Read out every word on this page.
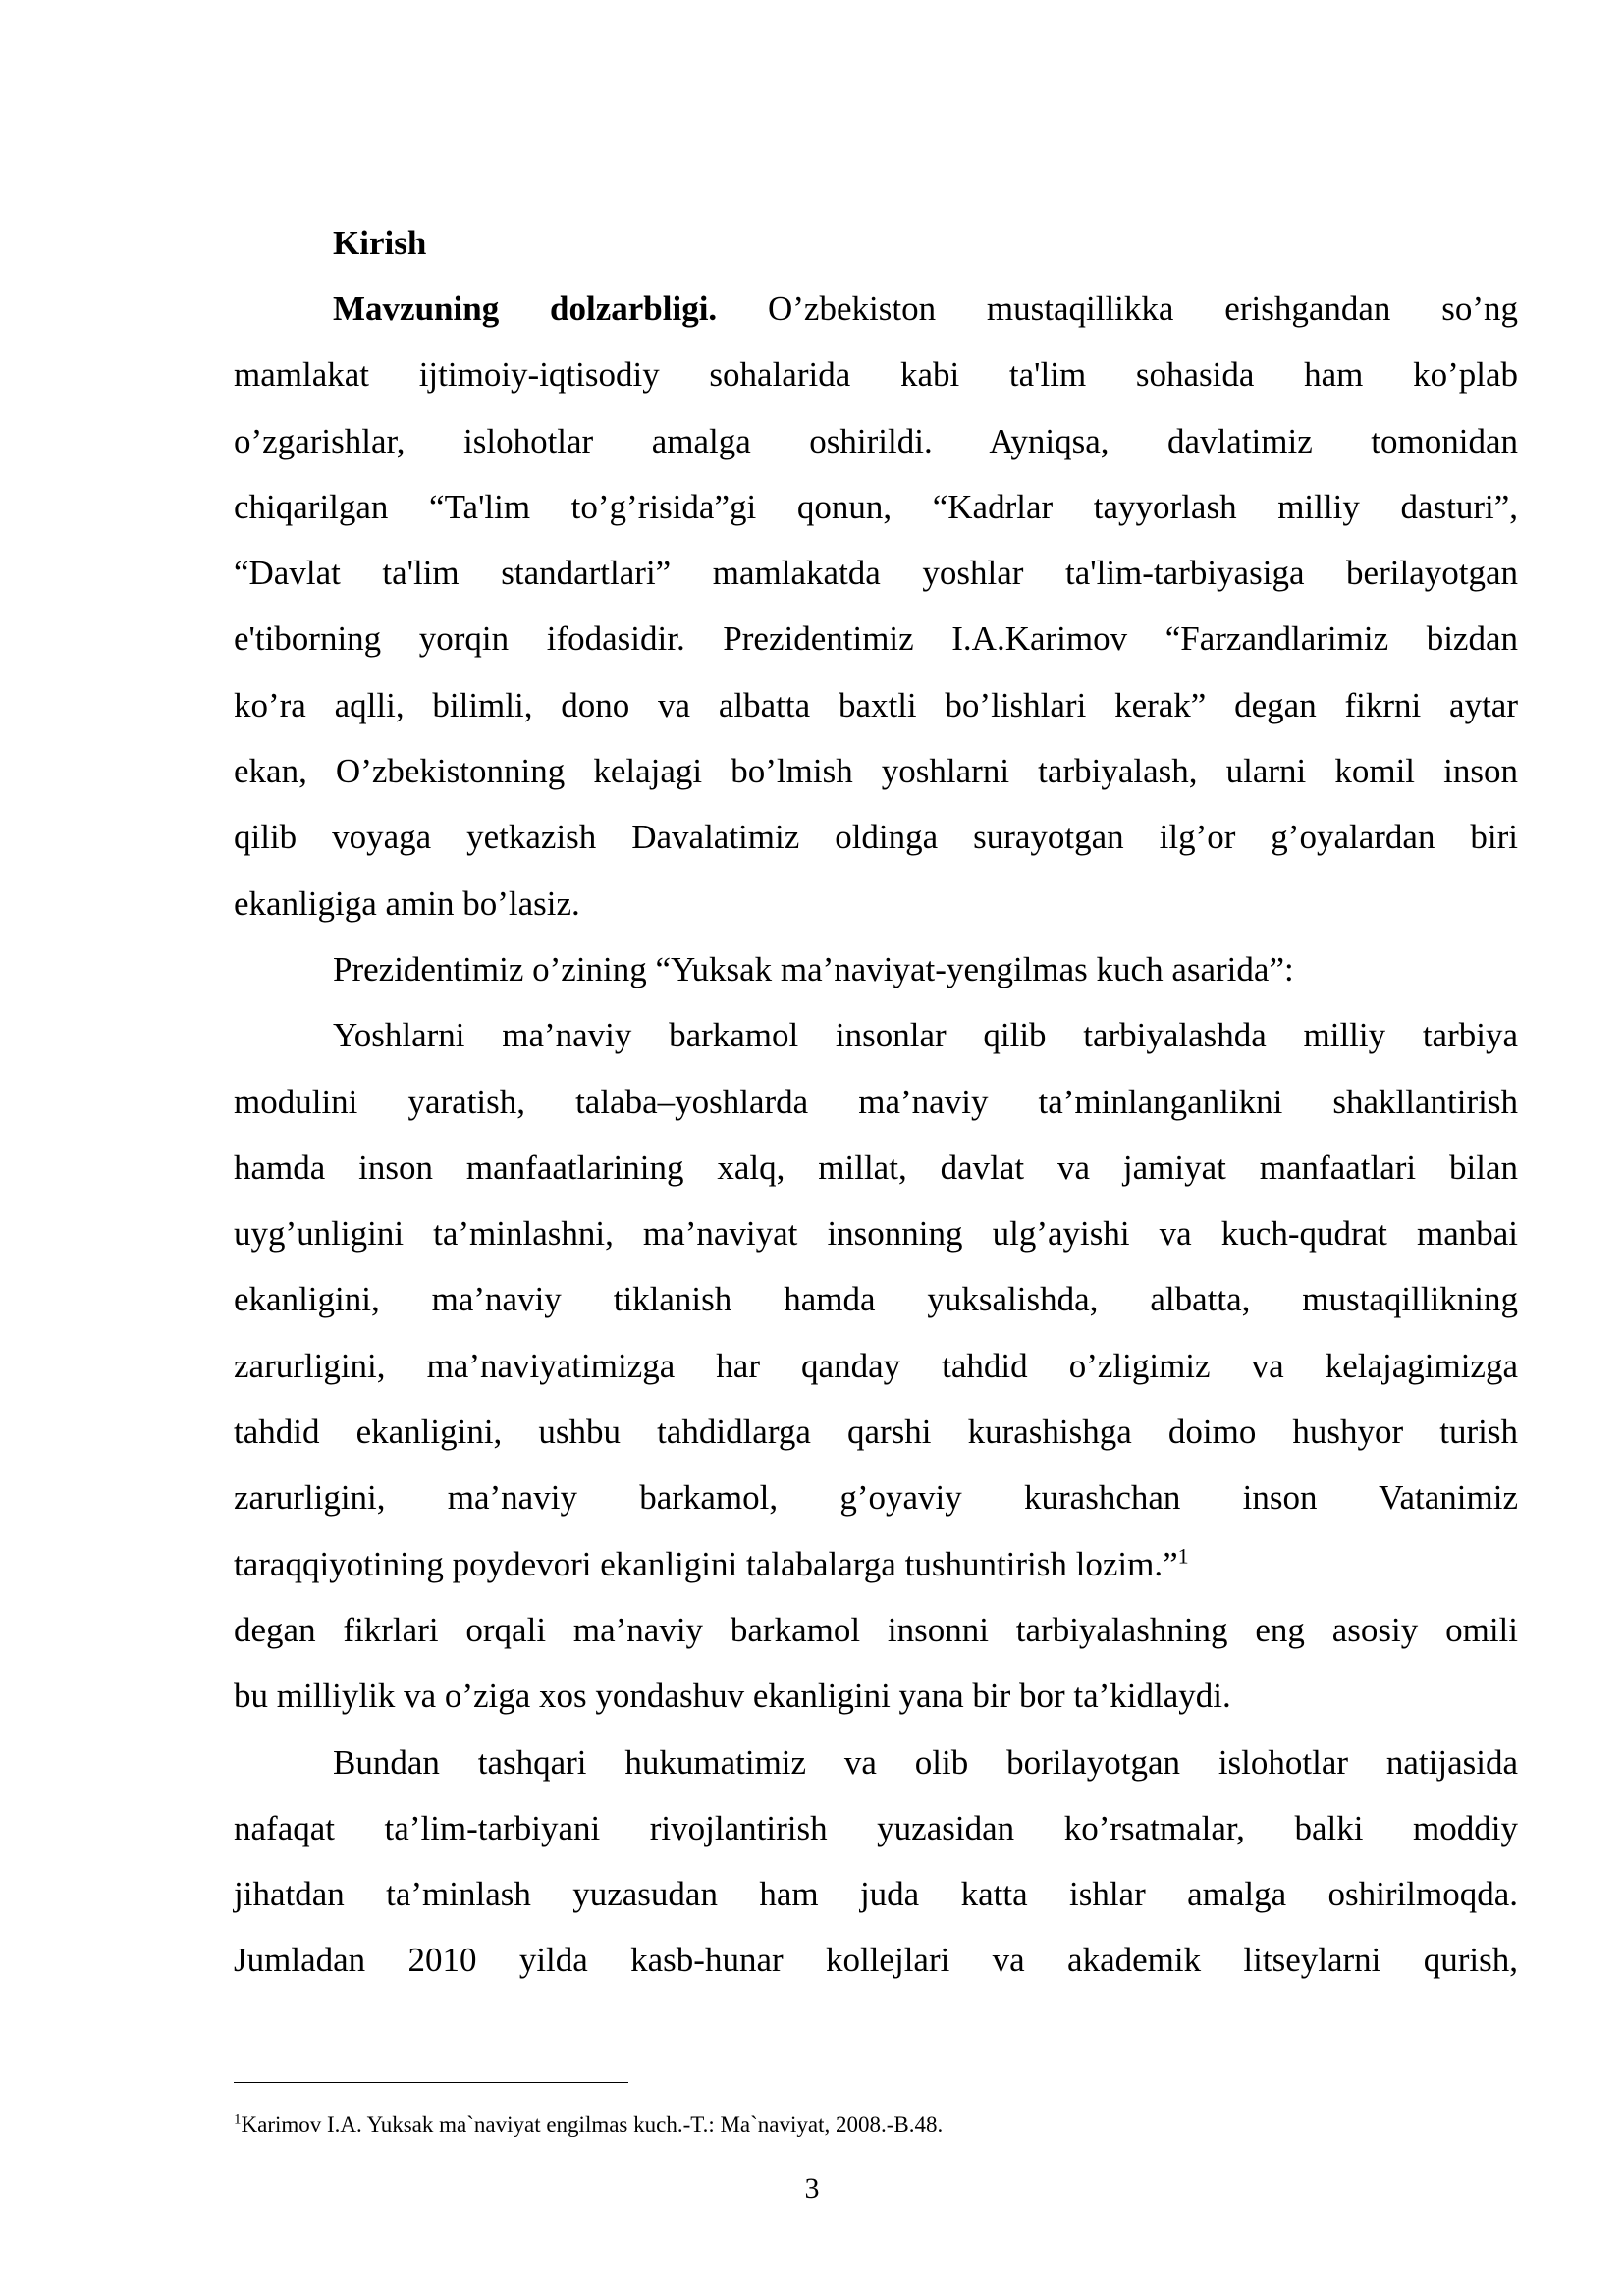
Kirish
Mavzuning dolzarbligi. O’zbekiston mustaqillikka erishgandan so’ng
mamlakat ijtimoiy-iqtisodiy sohalarida kabi ta'lim sohasida ham ko’plab
o’zgarishlar, islohotlar amalga oshirildi. Ayniqsa, davlatimiz tomonidan
chiqarilgan “Ta'lim to’g’risida”gi qonun, “Kadrlar tayyorlash milliy dasturi”,
“Davlat ta'lim standartlari” mamlakatda yoshlar ta'lim-tarbiyasiga berilayotgan
e'tiborning yorqin ifodasidir. Prezidentimiz I.A.Karimov “Farzandlarimiz bizdan
ko’ra aqlli, bilimli, dono va albatta baxtli bo’lishlari kerak” degan fikrni aytar
ekan, O’zbekistonning kelajagi bo’lmish yoshlarni tarbiyalash, ularni komil inson
qilib voyaga yetkazish Davalatimiz oldinga surayotgan ilg’or g’oyalardan biri
ekanligiga amin bo’lasiz.
Prezidentimiz o’zining “Yuksak ma’naviyat-yengilmas kuch asarida”:
Yoshlarni ma’naviy barkamol insonlar qilib tarbiyalashda milliy tarbiya
modulini yaratish, talaba–yoshlarda ma’naviy ta’minlanganlikni shakllantirish
hamda inson manfaatlarining xalq, millat, davlat va jamiyat manfaatlari bilan
uyg’unligini ta’minlashni, ma’naviyat insonning ulg’ayishi va kuch-qudrat manbai
ekanligini, ma’naviy tiklanish hamda yuksalishda, albatta, mustaqillikning
zarurligini, ma’naviyatimizga har qanday tahdid o’zligimiz va kelajagimizga
tahdid ekanligini, ushbu tahdidlarga qarshi kurashishga doimo hushyor turish
zarurligini, ma’naviy barkamol, g’oyaviy kurashchan inson Vatanimiz
taraqqiyotining poydevori ekanligini talabalarga tushuntirish lozim.”$^1$
degan fikrlari orqali ma’naviy barkamol insonni tarbiyalashning eng asosiy omili
bu milliylik va o’ziga xos yondashuv ekanligini yana bir bor ta’kidlaydi.
Bundan tashqari hukumatimiz va olib borilayotgan islohotlar natijasida
nafaqat ta’lim-tarbiyani rivojlantirish yuzasidan ko’rsatmalar, balki moddiy
jihatdan ta’minlash yuzasudan ham juda katta ishlar amalga oshirilmoqda.
Jumladan 2010 yilda kasb-hunar kollejlari va akademik litseylarni qurish,
$^1$Karimov I.A. Yuksak ma`naviyat engilmas kuch.-T.: Ma`naviyat, 2008.-B.48.
3
